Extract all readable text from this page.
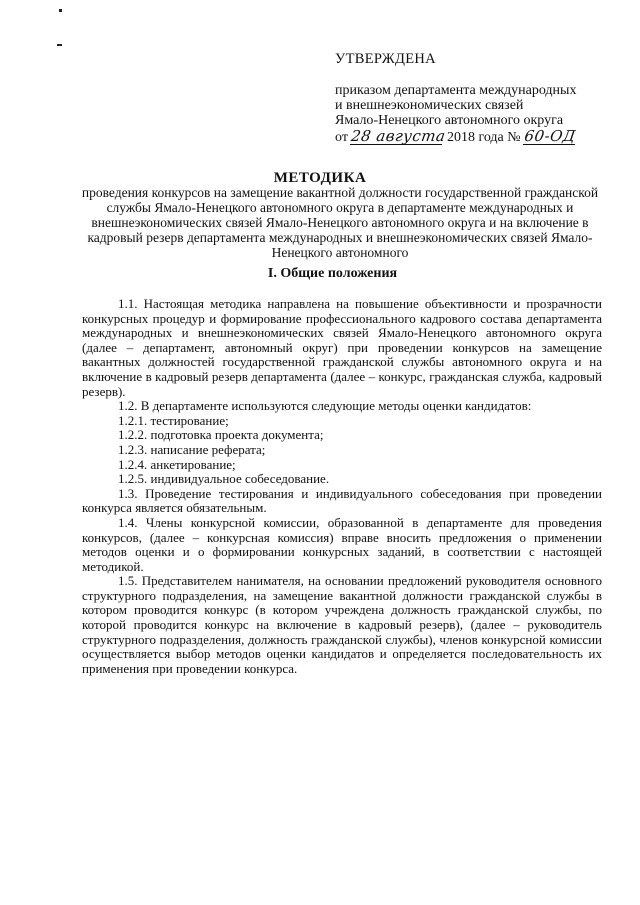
УТВЕРЖДЕНА
приказом департамента международных
и внешнеэкономических связей
Ямало-Ненецкого автономного округа
от 28 августа 2018 года № 60-ОД
МЕТОДИКА
проведения конкурсов на замещение вакантной должности государственной гражданской службы Ямало-Ненецкого автономного округа в департаменте международных и внешнеэкономических связей Ямало-Ненецкого автономного округа и на включение в кадровый резерв департамента международных и внешнеэкономических связей Ямало-Ненецкого автономного
I. Общие положения

1.1. Настоящая методика направлена на повышение объективности и прозрачности конкурсных процедур и формирование профессионального кадрового состава департамента международных и внешнеэкономических связей Ямало-Ненецкого автономного округа (далее – департамент, автономный округ) при проведении конкурсов на замещение вакантных должностей государственной гражданской службы автономного округа и на включение в кадровый резерв департамента (далее – конкурс, гражданская служба, кадровый резерв).

1.2. В департаменте используются следующие методы оценки кандидатов:

1.2.1. тестирование;

1.2.2. подготовка проекта документа;

1.2.3. написание реферата;

1.2.4. анкетирование;

1.2.5. индивидуальное собеседование.

1.3. Проведение тестирования и индивидуального собеседования при проведении конкурса является обязательным.

1.4. Члены конкурсной комиссии, образованной в департаменте для проведения конкурсов, (далее – конкурсная комиссия) вправе вносить предложения о применении методов оценки и о формировании конкурсных заданий, в соответствии с настоящей методикой.

1.5. Представителем нанимателя, на основании предложений руководителя основного структурного подразделения, на замещение вакантной должности гражданской службы в котором проводится конкурс (в котором учреждена должность гражданской службы, по которой проводится конкурс на включение в кадровый резерв), (далее – руководитель структурного подразделения, должность гражданской службы), членов конкурсной комиссии осуществляется выбор методов оценки кандидатов и определяется последовательность их применения при проведении конкурса.
